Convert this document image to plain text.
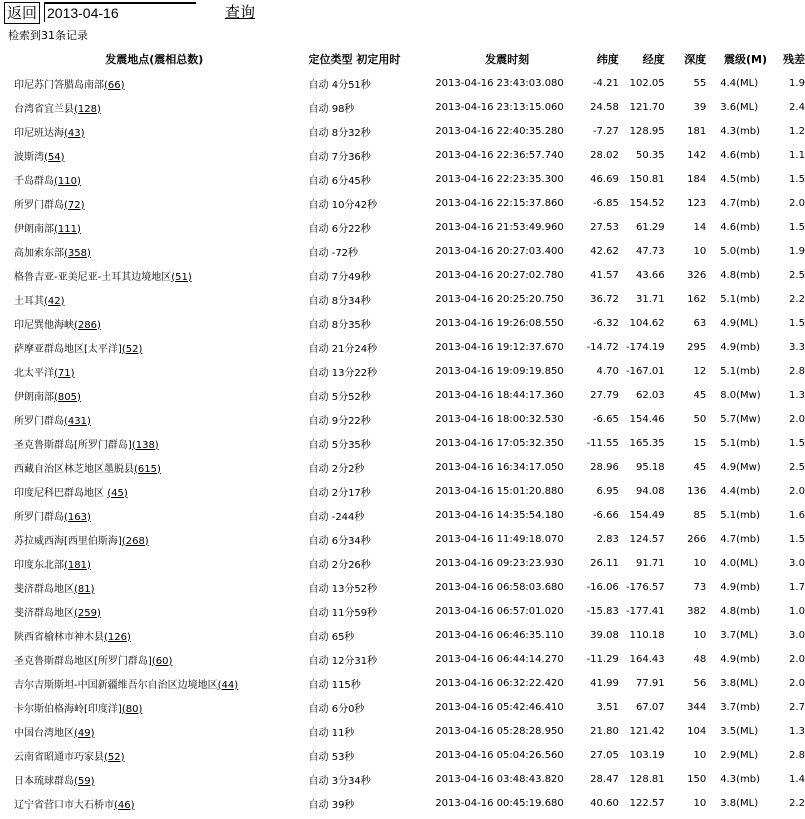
返回
2013-04-16	查询
检索到31条记录
发震地点(震相总数)	定位类型 初定用时	发震时刻	纬度	经度	深度	震级(M)	残差
印尼苏门答腊岛南部(66)	自动 4分51秒	2013-04-16 23:43:03.080	-4.21	102.05	55	4.4(ML)	1.9
台湾省宜兰县(128)	自动 98秒	2013-04-16 23:13:15.060	24.58	121.70	39	3.6(ML)	2.4
印尼班达海(43)	自动 8分32秒	2013-04-16 22:40:35.280	-7.27	128.95	181	4.3(mb)	1.2
波斯湾(54)	自动 7分36秒	2013-04-16 22:36:57.740	28.02	50.35	142	4.6(mb)	1.1
千岛群岛(110)	自动 6分45秒	2013-04-16 22:23:35.300	46.69	150.81	184	4.5(mb)	1.5
所罗门群岛(72)	自动 10分42秒	2013-04-16 22:15:37.860	-6.85	154.52	123	4.7(mb)	2.0
伊朗南部(111)	自动 6分22秒	2013-04-16 21:53:49.960	27.53	61.29	14	4.6(mb)	1.5
高加索东部(358)	自动 -72秒	2013-04-16 20:27:03.400	42.62	47.73	10	5.0(mb)	1.9
格鲁吉亚-亚美尼亚-土耳其边境地区(51)	自动 7分49秒	2013-04-16 20:27:02.780	41.57	43.66	326	4.8(mb)	2.5
土耳其(42)	自动 8分34秒	2013-04-16 20:25:20.750	36.72	31.71	162	5.1(mb)	2.2
印尼巽他海峡(286)	自动 8分35秒	2013-04-16 19:26:08.550	-6.32	104.62	63	4.9(ML)	1.5
萨摩亚群岛地区[太平洋](52)	自动 21分24秒	2013-04-16 19:12:37.670	-14.72	-174.19	295	4.9(mb)	3.3
北太平洋(71)	自动 13分22秒	2013-04-16 19:09:19.850	4.70	-167.01	12	5.1(mb)	2.8
伊朗南部(805)	自动 5分52秒	2013-04-16 18:44:17.360	27.79	62.03	45	8.0(Mw)	1.3
所罗门群岛(431)	自动 9分22秒	2013-04-16 18:00:32.530	-6.65	154.46	50	5.7(Mw)	2.0
圣克鲁斯群岛[所罗门群岛](138)	自动 5分35秒	2013-04-16 17:05:32.350	-11.55	165.35	15	5.1(mb)	1.5
西藏自治区林芝地区墨脱县(615)	自动 2分2秒	2013-04-16 16:34:17.050	28.96	95.18	45	4.9(Mw)	2.5
印度尼科巴群岛地区 (45)	自动 2分17秒	2013-04-16 15:01:20.880	6.95	94.08	136	4.4(mb)	2.0
所罗门群岛(163)	自动 -244秒	2013-04-16 14:35:54.180	-6.66	154.49	85	5.1(mb)	1.6
苏拉威西海[西里伯斯海](268)	自动 6分34秒	2013-04-16 11:49:18.070	2.83	124.57	266	4.7(mb)	1.5
印度东北部(181)	自动 2分26秒	2013-04-16 09:23:23.930	26.11	91.71	10	4.0(ML)	3.0
斐济群岛地区(81)	自动 13分52秒	2013-04-16 06:58:03.680	-16.06	-176.57	73	4.9(mb)	1.7
斐济群岛地区(259)	自动 11分59秒	2013-04-16 06:57:01.020	-15.83	-177.41	382	4.8(mb)	1.0
陕西省榆林市神木县(126)	自动 65秒	2013-04-16 06:46:35.110	39.08	110.18	10	3.7(ML)	3.0
圣克鲁斯群岛地区[所罗门群岛](60)	自动 12分31秒	2013-04-16 06:44:14.270	-11.29	164.43	48	4.9(mb)	2.0
吉尔吉斯斯坦-中国新疆维吾尔自治区边境地区(44)	自动 115秒	2013-04-16 06:32:22.420	41.99	77.91	56	3.8(ML)	2.0
卡尔斯伯格海岭[印度洋](80)	自动 6分0秒	2013-04-16 05:42:46.410	3.51	67.07	344	3.7(mb)	2.7
中国台湾地区(49)	自动 11秒	2013-04-16 05:28:28.950	21.80	121.42	104	3.5(ML)	1.3
云南省昭通市巧家县(52)	自动 53秒	2013-04-16 05:04:26.560	27.05	103.19	10	2.9(ML)	2.8
日本琉球群岛(59)	自动 3分34秒	2013-04-16 03:48:43.820	28.47	128.81	150	4.3(mb)	1.4
辽宁省营口市大石桥市(46)	自动 39秒	2013-04-16 00:45:19.680	40.60	122.57	10	3.8(ML)	2.2
